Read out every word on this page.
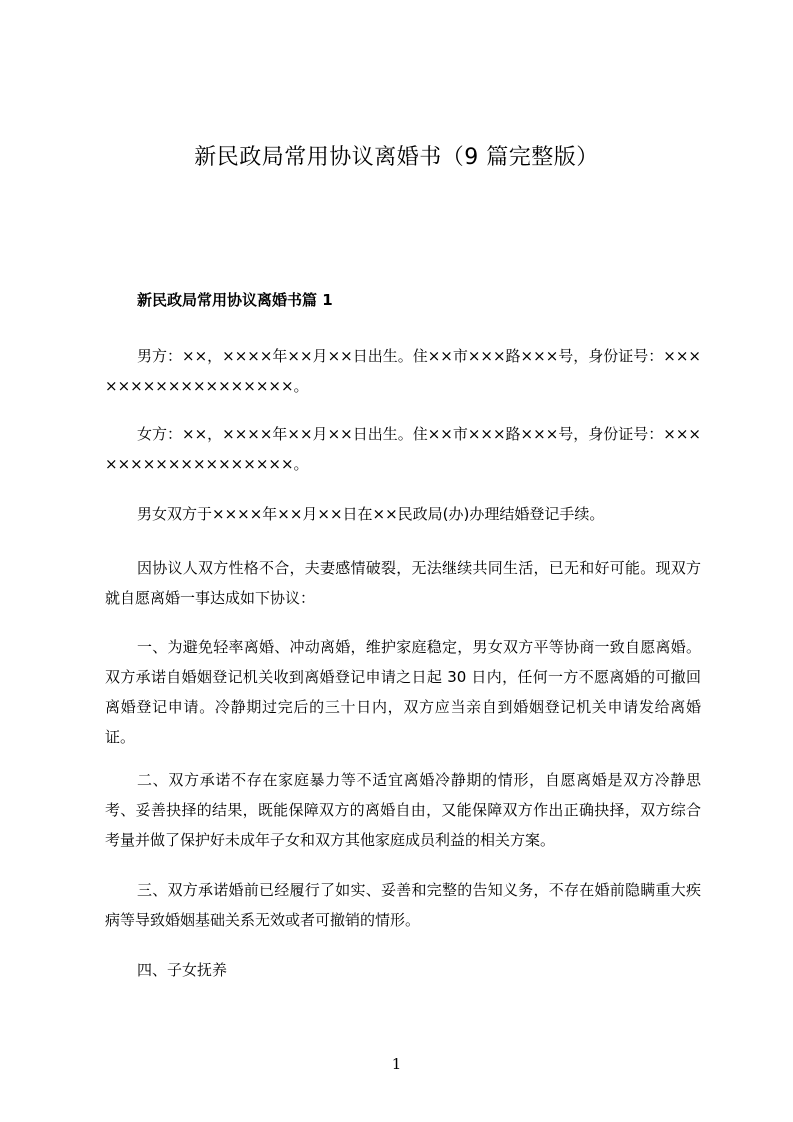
新民政局常用协议离婚书（9 篇完整版）
新民政局常用协议离婚书篇 1

男方：××，××××年××月××日出生。住××市×××路×××号，身份证号：××××××××××××××××××。

女方：××，××××年××月××日出生。住××市×××路×××号，身份证号：××××××××××××××××××。

男女双方于××××年××月××日在××民政局(办)办理结婚登记手续。

因协议人双方性格不合，夫妻感情破裂，无法继续共同生活，已无和好可能。现双方就自愿离婚一事达成如下协议：

一、为避免轻率离婚、冲动离婚，维护家庭稳定，男女双方平等协商一致自愿离婚。双方承诺自婚姻登记机关收到离婚登记申请之日起 30 日内，任何一方不愿离婚的可撤回离婚登记申请。冷静期过完后的三十日内，双方应当亲自到婚姻登记机关申请发给离婚证。

二、双方承诺不存在家庭暴力等不适宜离婚冷静期的情形，自愿离婚是双方冷静思考、妥善抉择的结果，既能保障双方的离婚自由，又能保障双方作出正确抉择，双方综合考量并做了保护好未成年子女和双方其他家庭成员利益的相关方案。

三、双方承诺婚前已经履行了如实、妥善和完整的告知义务，不存在婚前隐瞒重大疾病等导致婚姻基础关系无效或者可撤销的情形。

四、子女抚养

1
